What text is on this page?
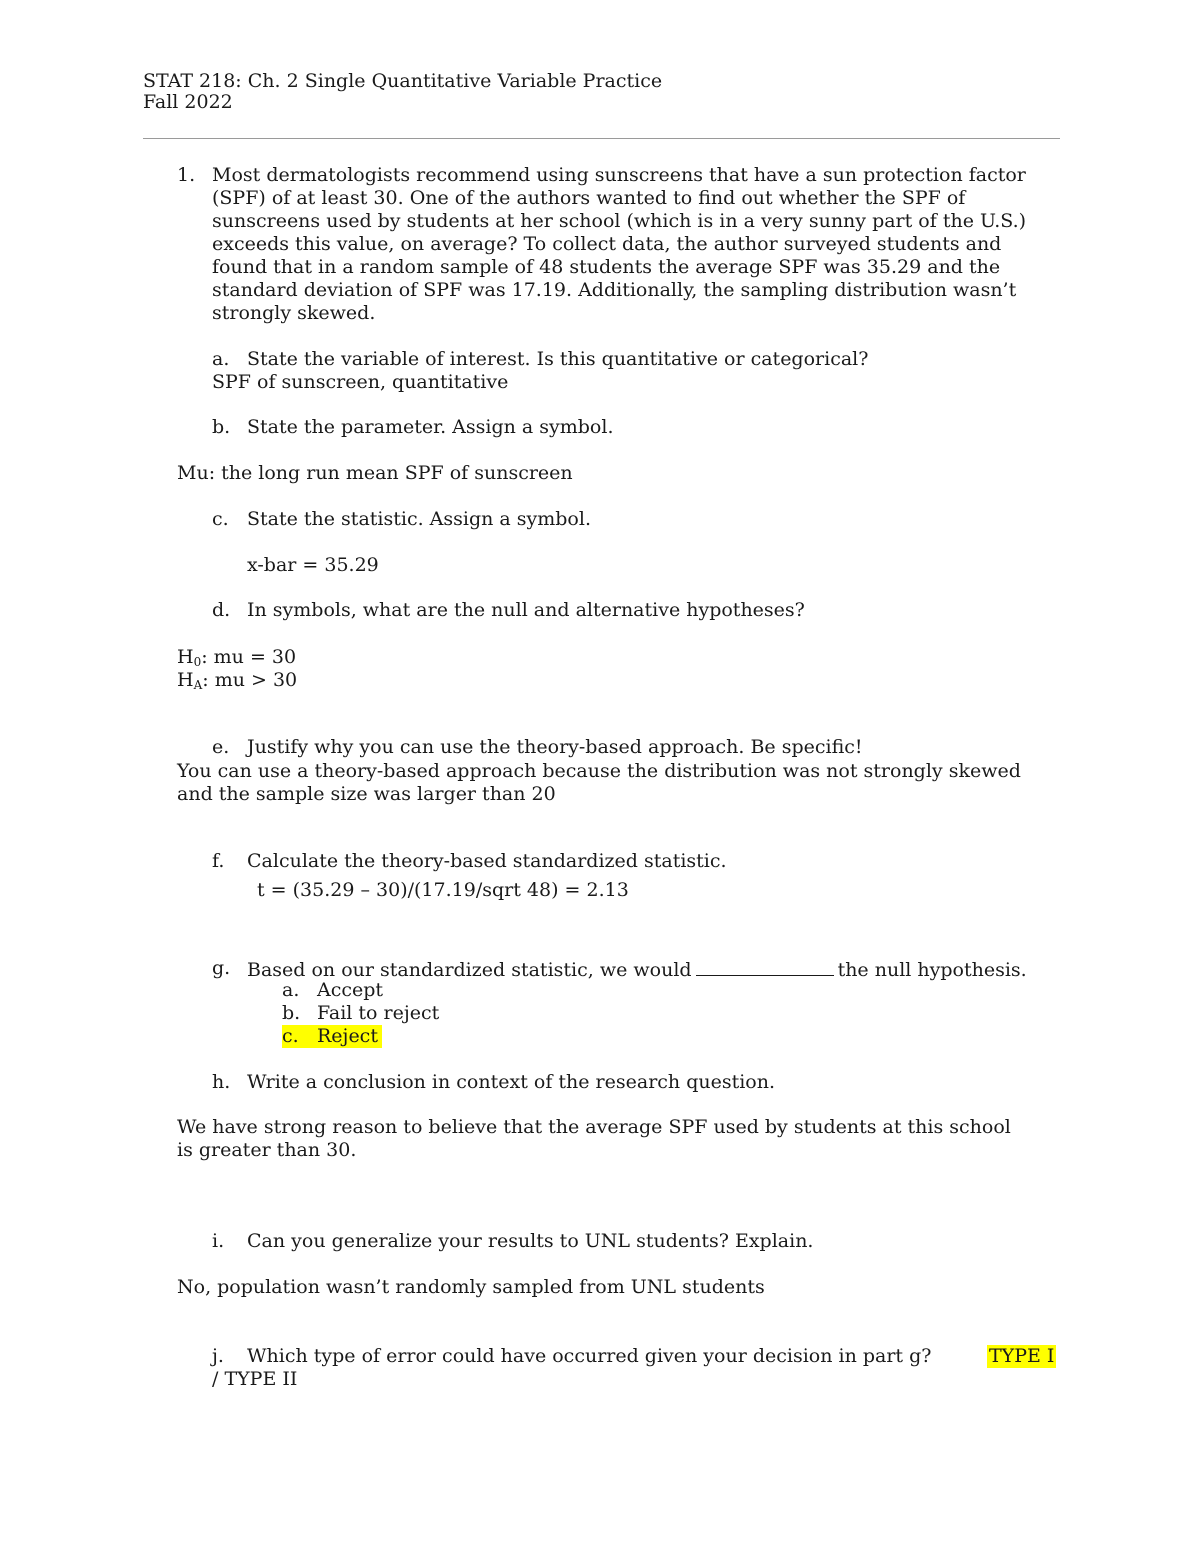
STAT 218: Ch. 2 Single Quantitative Variable Practice
Fall 2022
1. Most dermatologists recommend using sunscreens that have a sun protection factor
(SPF) of at least 30. One of the authors wanted to find out whether the SPF of
sunscreens used by students at her school (which is in a very sunny part of the U.S.)
exceeds this value, on average? To collect data, the author surveyed students and
found that in a random sample of 48 students the average SPF was 35.29 and the
standard deviation of SPF was 17.19. Additionally, the sampling distribution wasn’t
strongly skewed.
a. State the variable of interest. Is this quantitative or categorical?
SPF of sunscreen, quantitative
b. State the parameter. Assign a symbol.
Mu: the long run mean SPF of sunscreen
c. State the statistic. Assign a symbol.
x-bar = 35.29
d. In symbols, what are the null and alternative hypotheses?
$H_0$: mu = 30
$H_A$: mu > 30
e. Justify why you can use the theory-based approach. Be specific!
You can use a theory-based approach because the distribution was not strongly skewed
and the sample size was larger than 20
f. Calculate the theory-based standardized statistic.
t = (35.29 – 30)/(17.19/sqrt 48) = 2.13
g. Based on our standardized statistic, we would	the null hypothesis.
a. Accept
b. Fail to reject
c. Reject
h. Write a conclusion in context of the research question.
We have strong reason to believe that the average SPF used by students at this school
is greater than 30.
i. Can you generalize your results to UNL students? Explain.
No, population wasn’t randomly sampled from UNL students
j. Which type of error could have occurred given your decision in part g?	TYPE I
/ TYPE II
